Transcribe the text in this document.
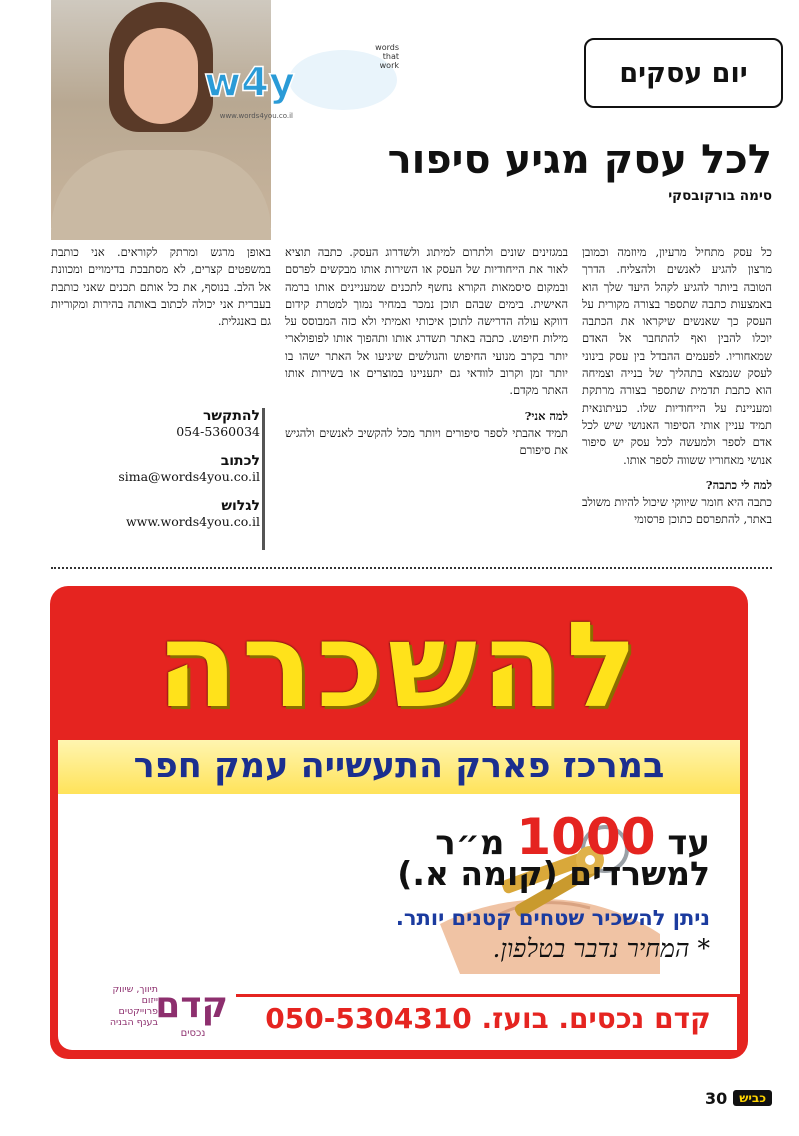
יום עסקים
w4y
words
that
work
www.words4you.co.il
לכל עסק מגיע סיפור
סימה בורקובסקי

כל עסק מתחיל מרעיון, מיוזמה וכמובן מרצון להגיע לאנשים ולהצליח. הדרך הטובה ביותר להגיע לקהל היעד שלך הוא באמצעות כתבה שתספר בצורה מקורית על העסק כך שאנשים שיקראו את הכתבה יוכלו להבין ואף להתחבר אל האדם שמאחוריו. לפעמים ההבדל בין עסק בינוני לעסק שנמצא בתהליך של בנייה וצמיחה הוא כתבת תדמית שתספר בצורה מרתקת ומעניינת על הייחודיות שלו. כעיתונאית תמיד עניין אותי הסיפור האנושי שיש לכל אדם לספר ולמעשה לכל עסק יש סיפור אנושי מאחוריו ששווה לספר אותו.

למה לי כתבה?

כתבה היא חומר שיווקי שיכול להיות משולב באתר, להתפרסם כתוכן פרסומי

במגזינים שונים ולתרום למיתוג ולשדרוג העסק. כתבה תוציא לאור את הייחודיות של העסק או השירות אותו מבקשים לפרסם ובמקום סיסמאות הקורא נחשף לתכנים שמעניינים אותו ברמה האישית. בימים שבהם תוכן נמכר במחיר נמוך למטרת קידום דווקא עולה הדרישה לתוכן איכותי ואמיתי ולא כזה המבוסס על מילות חיפוש. כתבה באתר תשדרג אותו ותהפוך אותו לפופולארי יותר בקרב מנועי החיפוש והגולשים שיגיעו אל האתר ישהו בו יותר זמן וקרוב לוודאי גם יתעניינו במוצרים או בשירות אותו האתר מקדם.

למה אני?

תמיד אהבתי לספר סיפורים ויותר מכל להקשיב לאנשים ולהגיש את סיפורם

באופן מרגש ומרתק לקוראים. אני כותבת במשפטים קצרים, לא מסתבכת בדימויים ומכוונת אל הלב. בנוסף, את כל אותם תכנים שאני כותבת בעברית אני יכולה לכתוב באותה בהירות ומקוריות גם באנגלית.

להתקשר
054-5360034
לכתוב
sima@words4you.co.il
לגלוש
www.words4you.co.il
להשכרה
במרכז פארק התעשייה עמק חפר
עד 1000 מ״ר
למשרדים (קומה א.)
ניתן להשכיר שטחים קטנים יותר.
* המחיר נדבר בטלפון.
קדם נכסים. בועז. 050-5304310
קדם
נכסים
תיווך, שיווק
ייזום
פרוייקטים
בענף הבניה
30	כביש
